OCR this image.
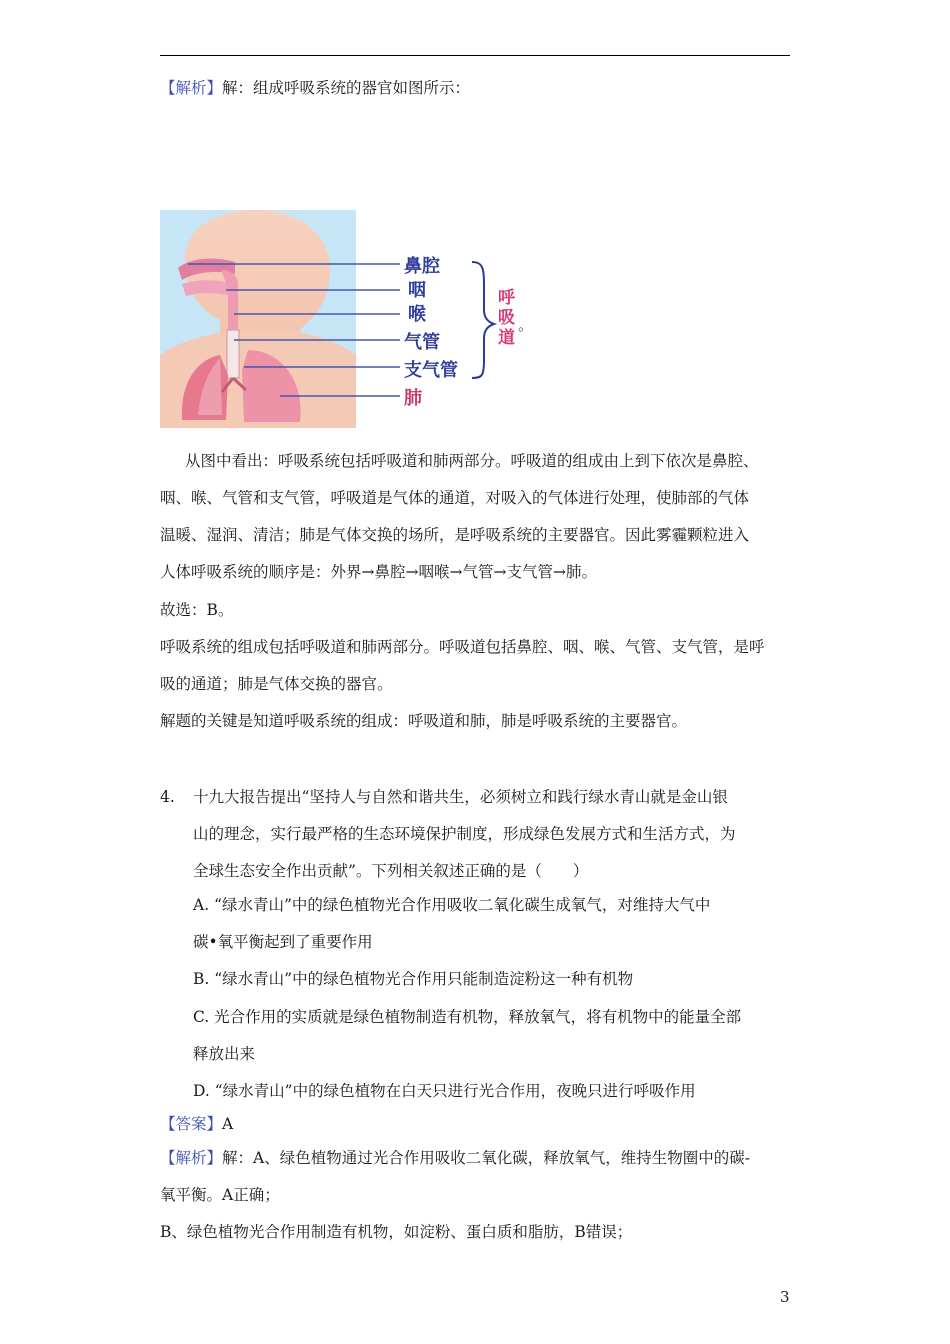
【解析】解：组成呼吸系统的器官如图所示：
鼻腔
咽
喉
气管
支气管
肺
呼
吸
道
。
从图中看出：呼吸系统包括呼吸道和肺两部分。呼吸道的组成由上到下依次是鼻腔、
咽、喉、气管和支气管，呼吸道是气体的通道，对吸入的气体进行处理，使肺部的气体
温暖、湿润、清洁；肺是气体交换的场所，是呼吸系统的主要器官。因此雾霾颗粒进入
人体呼吸系统的顺序是：外界→鼻腔→咽喉→气管→支气管→肺。
故选：B。
呼吸系统的组成包括呼吸道和肺两部分。呼吸道包括鼻腔、咽、喉、气管、支气管，是呼
吸的通道；肺是气体交换的器官。
解题的关键是知道呼吸系统的组成：呼吸道和肺，肺是呼吸系统的主要器官。
4. 十九大报告提出“坚持人与自然和谐共生，必须树立和践行绿水青山就是金山银
山的理念，实行最严格的生态环境保护制度，形成绿色发展方式和生活方式，为
全球生态安全作出贡献”。下列相关叙述正确的是（　　）
A. “绿水青山”中的绿色植物光合作用吸收二氧化碳生成氧气，对维持大气中
碳•氧平衡起到了重要作用
B. “绿水青山”中的绿色植物光合作用只能制造淀粉这一种有机物
C. 光合作用的实质就是绿色植物制造有机物，释放氧气，将有机物中的能量全部
释放出来
D. “绿水青山”中的绿色植物在白天只进行光合作用，夜晚只进行呼吸作用
【答案】A
【解析】解：A、绿色植物通过光合作用吸收二氧化碳，释放氧气，维持生物圈中的碳-
氧平衡。A正确；
B、绿色植物光合作用制造有机物，如淀粉、蛋白质和脂肪，B错误；
3
